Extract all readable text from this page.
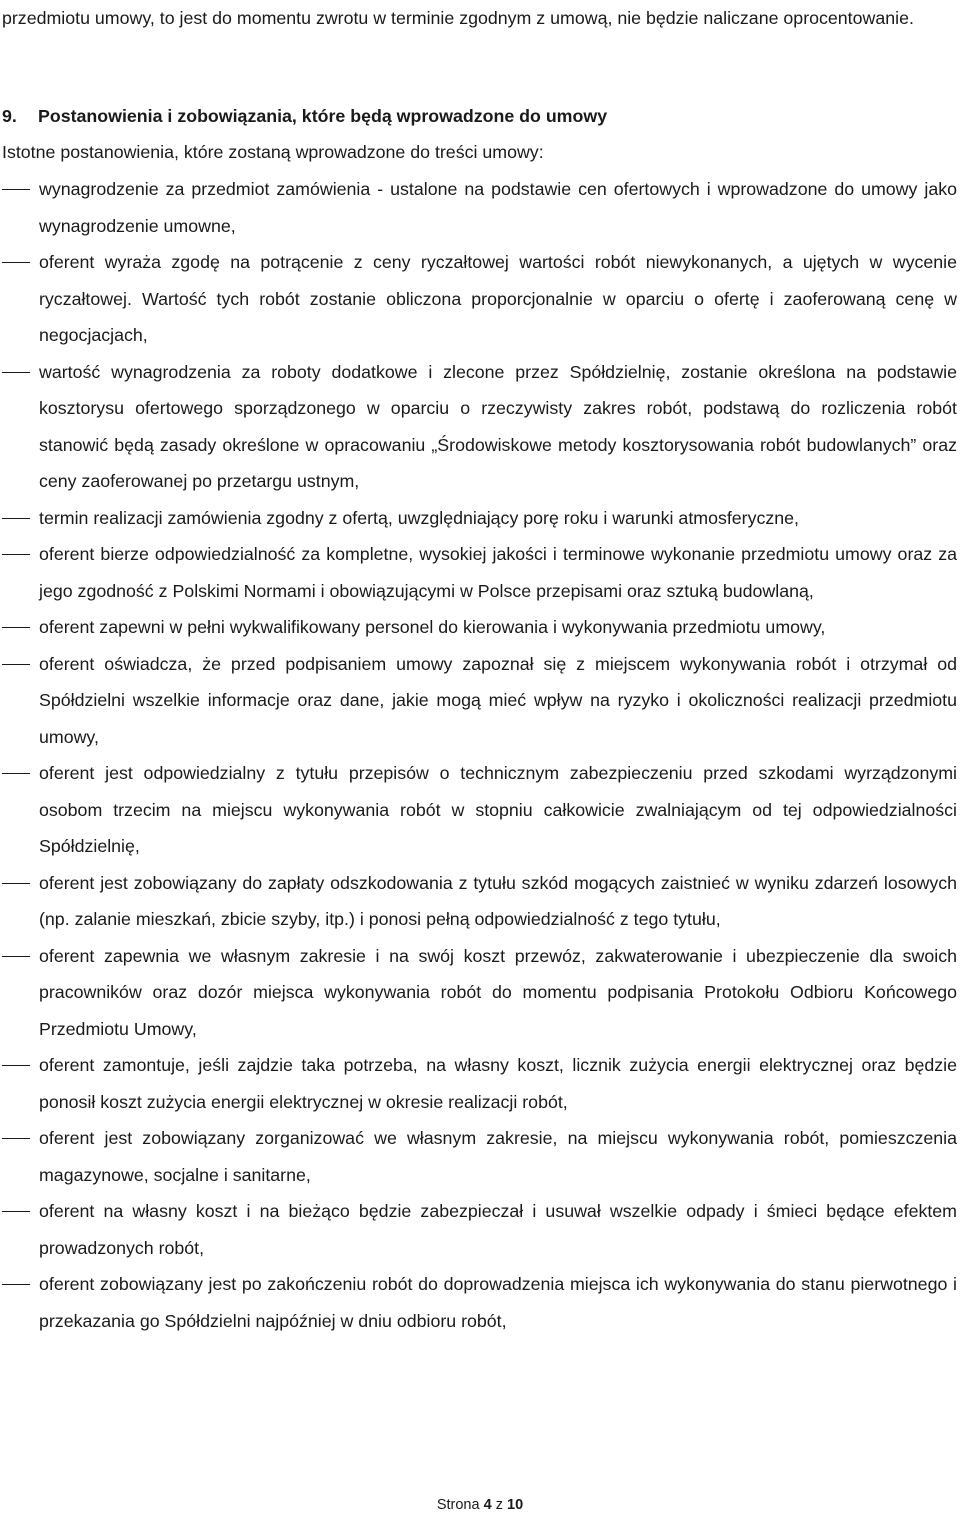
przedmiotu umowy, to jest do momentu zwrotu w terminie zgodnym z umową, nie będzie naliczane oprocentowanie.
9. Postanowienia i zobowiązania, które będą wprowadzone do umowy
Istotne postanowienia, które zostaną wprowadzone do treści umowy:
wynagrodzenie za przedmiot zamówienia - ustalone na podstawie cen ofertowych i wprowadzone do umowy jako wynagrodzenie umowne,
oferent wyraża zgodę na potrącenie z ceny ryczałtowej wartości robót niewykonanych, a ujętych w wycenie ryczałtowej. Wartość tych robót zostanie obliczona proporcjonalnie w oparciu o ofertę i zaoferowaną cenę w negocjacjach,
wartość wynagrodzenia za roboty dodatkowe i zlecone przez Spółdzielnię, zostanie określona na podstawie kosztorysu ofertowego sporządzonego w oparciu o rzeczywisty zakres robót, podstawą do rozliczenia robót stanowić będą zasady określone w opracowaniu „Środowiskowe metody kosztorysowania robót budowlanych” oraz ceny zaoferowanej po przetargu ustnym,
termin realizacji zamówienia zgodny z ofertą, uwzględniający porę roku i warunki atmosferyczne,
oferent bierze odpowiedzialność za kompletne, wysokiej jakości i terminowe wykonanie przedmiotu umowy oraz za jego zgodność z Polskimi Normami i obowiązującymi w Polsce przepisami oraz sztuką budowlaną,
oferent zapewni w pełni wykwalifikowany personel do kierowania i wykonywania przedmiotu umowy,
oferent oświadcza, że przed podpisaniem umowy zapoznał się z miejscem wykonywania robót i otrzymał od Spółdzielni wszelkie informacje oraz dane, jakie mogą mieć wpływ na ryzyko i okoliczności realizacji przedmiotu umowy,
oferent jest odpowiedzialny z tytułu przepisów o technicznym zabezpieczeniu przed szkodami wyrządzonymi osobom trzecim na miejscu wykonywania robót w stopniu całkowicie zwalniającym od tej odpowiedzialności Spółdzielnię,
oferent jest zobowiązany do zapłaty odszkodowania z tytułu szkód mogących zaistnieć w wyniku zdarzeń losowych (np. zalanie mieszkań, zbicie szyby, itp.) i ponosi pełną odpowiedzialność z tego tytułu,
oferent zapewnia we własnym zakresie i na swój koszt przewóz, zakwaterowanie i ubezpieczenie dla swoich pracowników oraz dozór miejsca wykonywania robót do momentu podpisania Protokołu Odbioru Końcowego Przedmiotu Umowy,
oferent zamontuje, jeśli zajdzie taka potrzeba, na własny koszt, licznik zużycia energii elektrycznej oraz będzie ponosił koszt zużycia energii elektrycznej w okresie realizacji robót,
oferent jest zobowiązany zorganizować we własnym zakresie, na miejscu wykonywania robót, pomieszczenia magazynowe, socjalne i sanitarne,
oferent na własny koszt i na bieżąco będzie zabezpieczał i usuwał wszelkie odpady i śmieci będące efektem prowadzonych robót,
oferent zobowiązany jest po zakończeniu robót do doprowadzenia miejsca ich wykonywania do stanu pierwotnego i przekazania go Spółdzielni najpóźniej w dniu odbioru robót,
Strona 4 z 10
